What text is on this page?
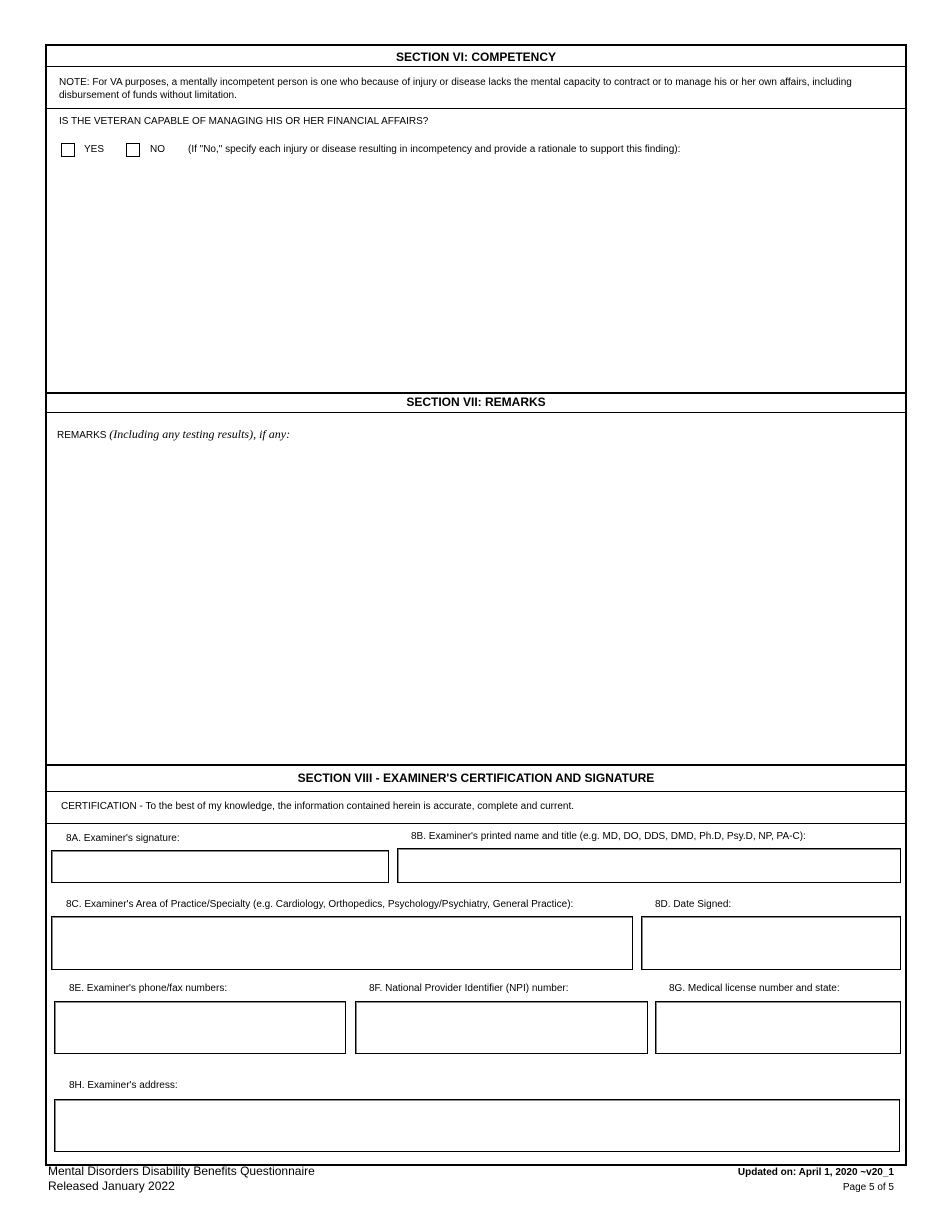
SECTION VI: COMPETENCY
NOTE: For VA purposes, a mentally incompetent person is one who because of injury or disease lacks the mental capacity to contract or to manage his or her own affairs, including disbursement of funds without limitation.
IS THE VETERAN CAPABLE OF MANAGING HIS OR HER FINANCIAL AFFAIRS?
YES	NO (If "No," specify each injury or disease resulting in incompetency and provide a rationale to support this finding):
SECTION VII: REMARKS
REMARKS (Including any testing results), if any:
SECTION VIII - EXAMINER'S CERTIFICATION AND SIGNATURE
CERTIFICATION - To the best of my knowledge, the information contained herein is accurate, complete and current.
8A. Examiner's signature:	8B. Examiner's printed name and title (e.g. MD, DO, DDS, DMD, Ph.D, Psy.D, NP, PA-C):
8C. Examiner's Area of Practice/Specialty (e.g. Cardiology, Orthopedics, Psychology/Psychiatry, General Practice):	8D. Date Signed:
8E. Examiner's phone/fax numbers:	8F. National Provider Identifier (NPI) number:	8G. Medical license number and state:
8H. Examiner's address:
Mental Disorders Disability Benefits Questionnaire
Released January 2022
Updated on: April 1, 2020 ~v20_1
Page 5 of 5
